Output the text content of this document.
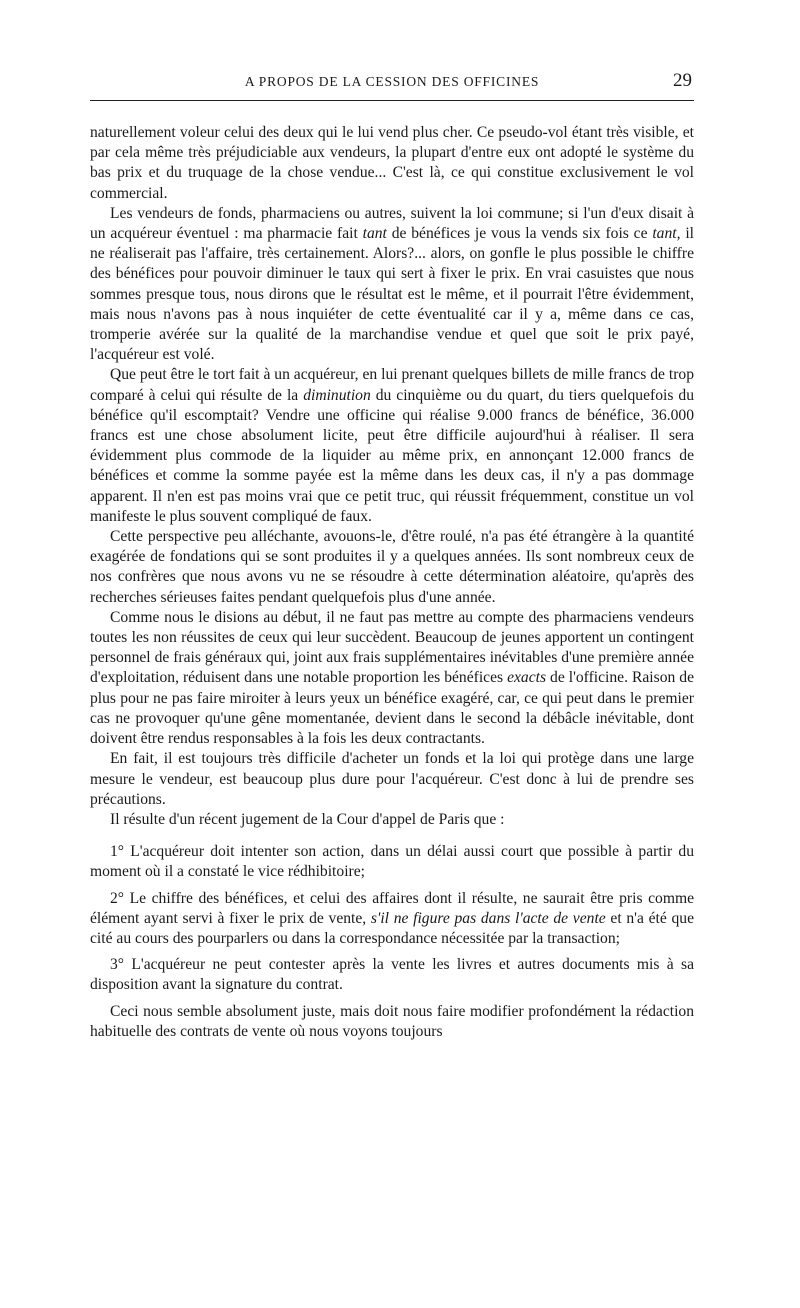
A PROPOS DE LA CESSION DES OFFICINES	29

naturellement voleur celui des deux qui le lui vend plus cher. Ce pseudo-vol étant très visible, et par cela même très préjudiciable aux vendeurs, la plupart d'entre eux ont adopté le système du bas prix et du truquage de la chose vendue... C'est là, ce qui constitue exclusivement le vol commercial.

Les vendeurs de fonds, pharmaciens ou autres, suivent la loi commune; si l'un d'eux disait à un acquéreur éventuel : ma pharmacie fait tant de bénéfices je vous la vends six fois ce tant, il ne réaliserait pas l'affaire, très certainement. Alors?... alors, on gonfle le plus possible le chiffre des bénéfices pour pouvoir diminuer le taux qui sert à fixer le prix. En vrai casuistes que nous sommes presque tous, nous dirons que le résultat est le même, et il pourrait l'être évidemment, mais nous n'avons pas à nous inquiéter de cette éventualité car il y a, même dans ce cas, tromperie avérée sur la qualité de la marchandise vendue et quel que soit le prix payé, l'acquéreur est volé.

Que peut être le tort fait à un acquéreur, en lui prenant quelques billets de mille francs de trop comparé à celui qui résulte de la diminution du cinquième ou du quart, du tiers quelquefois du bénéfice qu'il escomptait? Vendre une officine qui réalise 9.000 francs de bénéfice, 36.000 francs est une chose absolument licite, peut être difficile aujourd'hui à réaliser. Il sera évidemment plus commode de la liquider au même prix, en annonçant 12.000 francs de bénéfices et comme la somme payée est la même dans les deux cas, il n'y a pas dommage apparent. Il n'en est pas moins vrai que ce petit truc, qui réussit fréquemment, constitue un vol manifeste le plus souvent compliqué de faux.

Cette perspective peu alléchante, avouons-le, d'être roulé, n'a pas été étrangère à la quantité exagérée de fondations qui se sont produites il y a quelques années. Ils sont nombreux ceux de nos confrères que nous avons vu ne se résoudre à cette détermination aléatoire, qu'après des recherches sérieuses faites pendant quelquefois plus d'une année.

Comme nous le disions au début, il ne faut pas mettre au compte des pharmaciens vendeurs toutes les non réussites de ceux qui leur succèdent. Beaucoup de jeunes apportent un contingent personnel de frais généraux qui, joint aux frais supplémentaires inévitables d'une première année d'exploitation, réduisent dans une notable proportion les bénéfices exacts de l'officine. Raison de plus pour ne pas faire miroiter à leurs yeux un bénéfice exagéré, car, ce qui peut dans le premier cas ne provoquer qu'une gêne momentanée, devient dans le second la débâcle inévitable, dont doivent être rendus responsables à la fois les deux contractants.

En fait, il est toujours très difficile d'acheter un fonds et la loi qui protège dans une large mesure le vendeur, est beaucoup plus dure pour l'acquéreur. C'est donc à lui de prendre ses précautions.

Il résulte d'un récent jugement de la Cour d'appel de Paris que :

1° L'acquéreur doit intenter son action, dans un délai aussi court que possible à partir du moment où il a constaté le vice rédhibitoire;

2° Le chiffre des bénéfices, et celui des affaires dont il résulte, ne saurait être pris comme élément ayant servi à fixer le prix de vente, s'il ne figure pas dans l'acte de vente et n'a été que cité au cours des pourparlers ou dans la correspondance nécessitée par la transaction;

3° L'acquéreur ne peut contester après la vente les livres et autres documents mis à sa disposition avant la signature du contrat.

Ceci nous semble absolument juste, mais doit nous faire modifier profondément la rédaction habituelle des contrats de vente où nous voyons toujours
